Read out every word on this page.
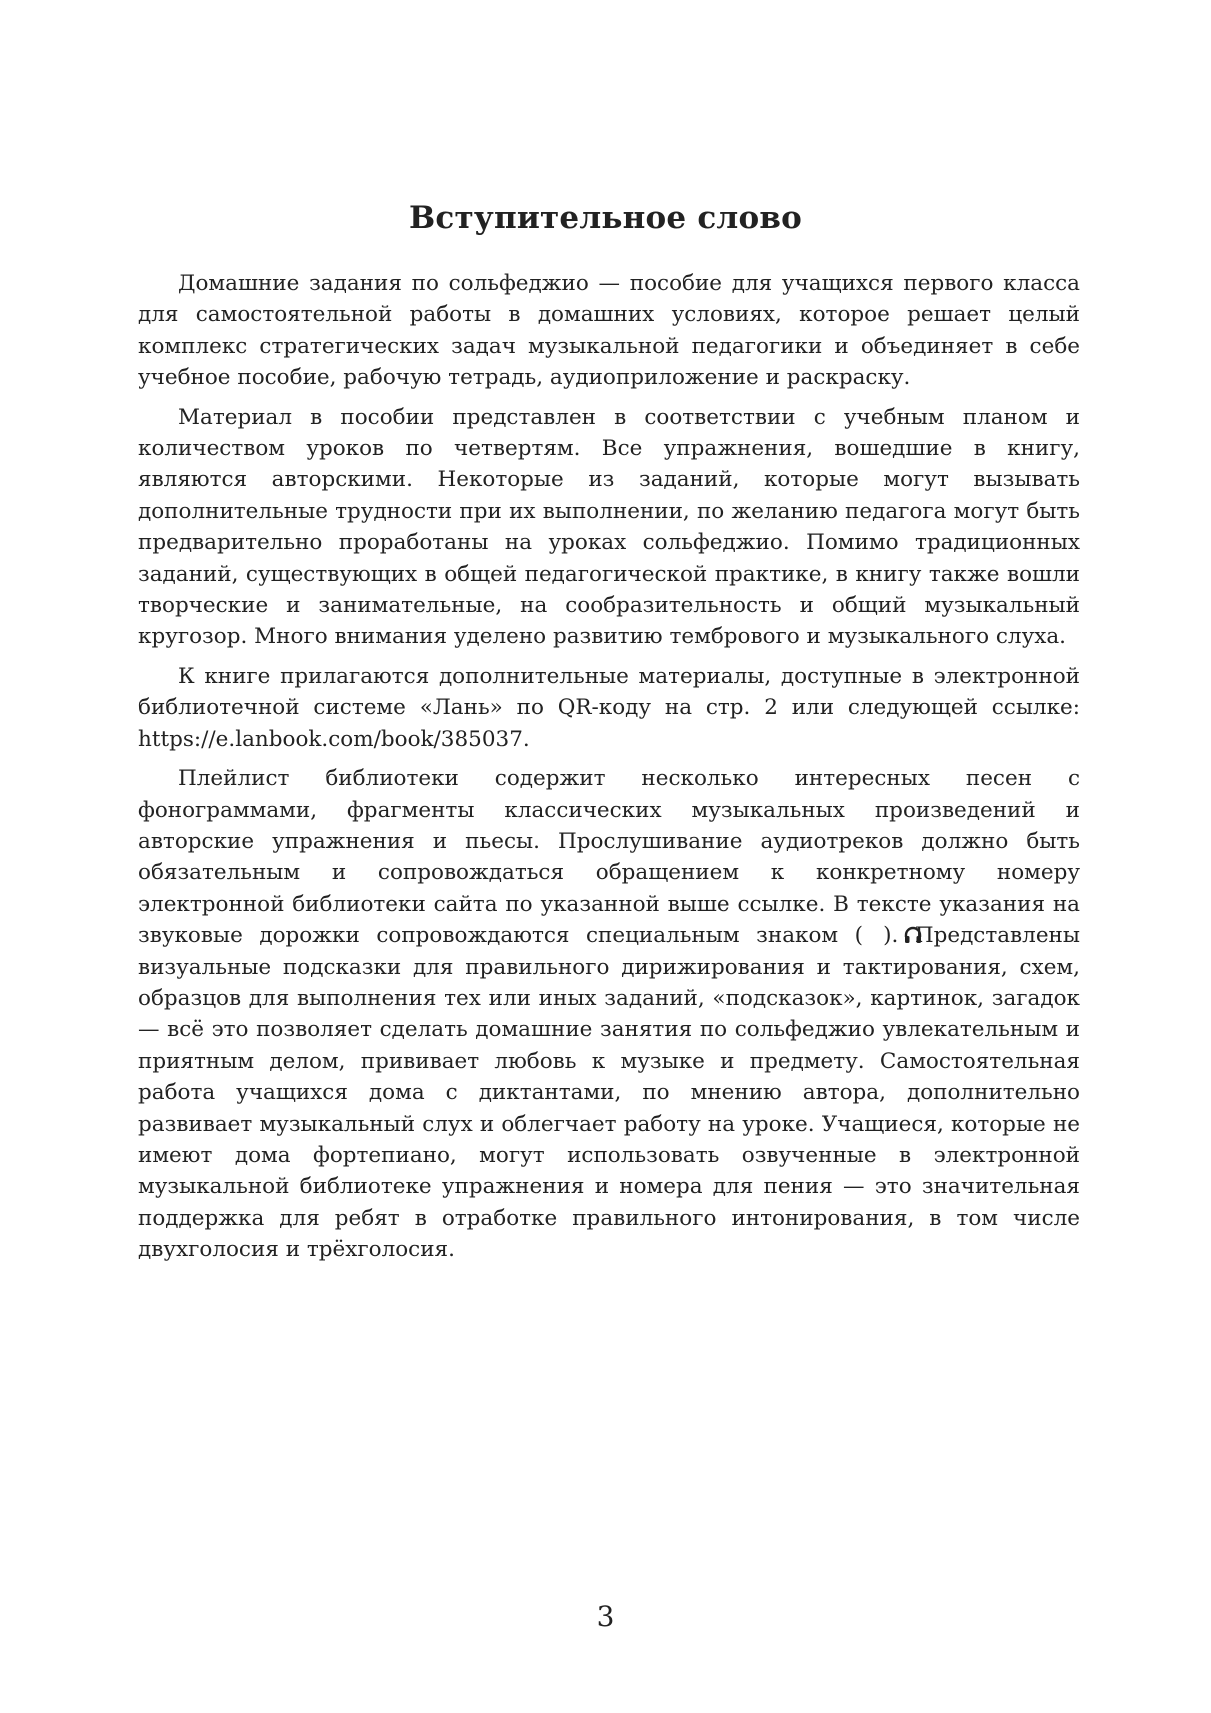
Вступительное слово

Домашние задания по сольфеджио — пособие для учащихся первого класса для самостоятельной работы в домашних условиях, которое решает целый комплекс стратегических задач музыкальной педагогики и объединяет в себе учебное пособие, рабочую тетрадь, аудиоприложение и раскраску.

Материал в пособии представлен в соответствии с учебным планом и количеством уроков по четвертям. Все упражнения, вошедшие в книгу, являются авторскими. Некоторые из заданий, которые могут вызывать дополнительные трудности при их выполнении, по желанию педагога могут быть предварительно проработаны на уроках сольфеджио. Помимо традиционных заданий, существующих в общей педагогической практике, в книгу также вошли творческие и занимательные, на сообразительность и общий музыкальный кругозор. Много внимания уделено развитию тембрового и музыкального слуха.

К книге прилагаются дополнительные материалы, доступные в электронной библиотечной системе «Лань» по QR-коду на стр. 2 или следующей ссылке: https://e.lanbook.com/book/385037.

Плейлист библиотеки содержит несколько интересных песен с фонограммами, фрагменты классических музыкальных произведений и авторские упражнения и пьесы. Прослушивание аудиотреков должно быть обязательным и сопровождаться обращением к конкретному номеру электронной библиотеки сайта по указанной выше ссылке. В тексте указания на звуковые дорожки сопровождаются специальным знаком ( ). Представлены визуальные подсказки для правильного дирижирования и тактирования, схем, образцов для выполнения тех или иных заданий, «подсказок», картинок, загадок — всё это позволяет сделать домашние занятия по сольфеджио увлекательным и приятным делом, прививает любовь к музыке и предмету. Самостоятельная работа учащихся дома с диктантами, по мнению автора, дополнительно развивает музыкальный слух и облегчает работу на уроке. Учащиеся, которые не имеют дома фортепиано, могут использовать озвученные в электронной музыкальной библиотеке упражнения и номера для пения — это значительная поддержка для ребят в отработке правильного интонирования, в том числе двухголосия и трёхголосия.

3
